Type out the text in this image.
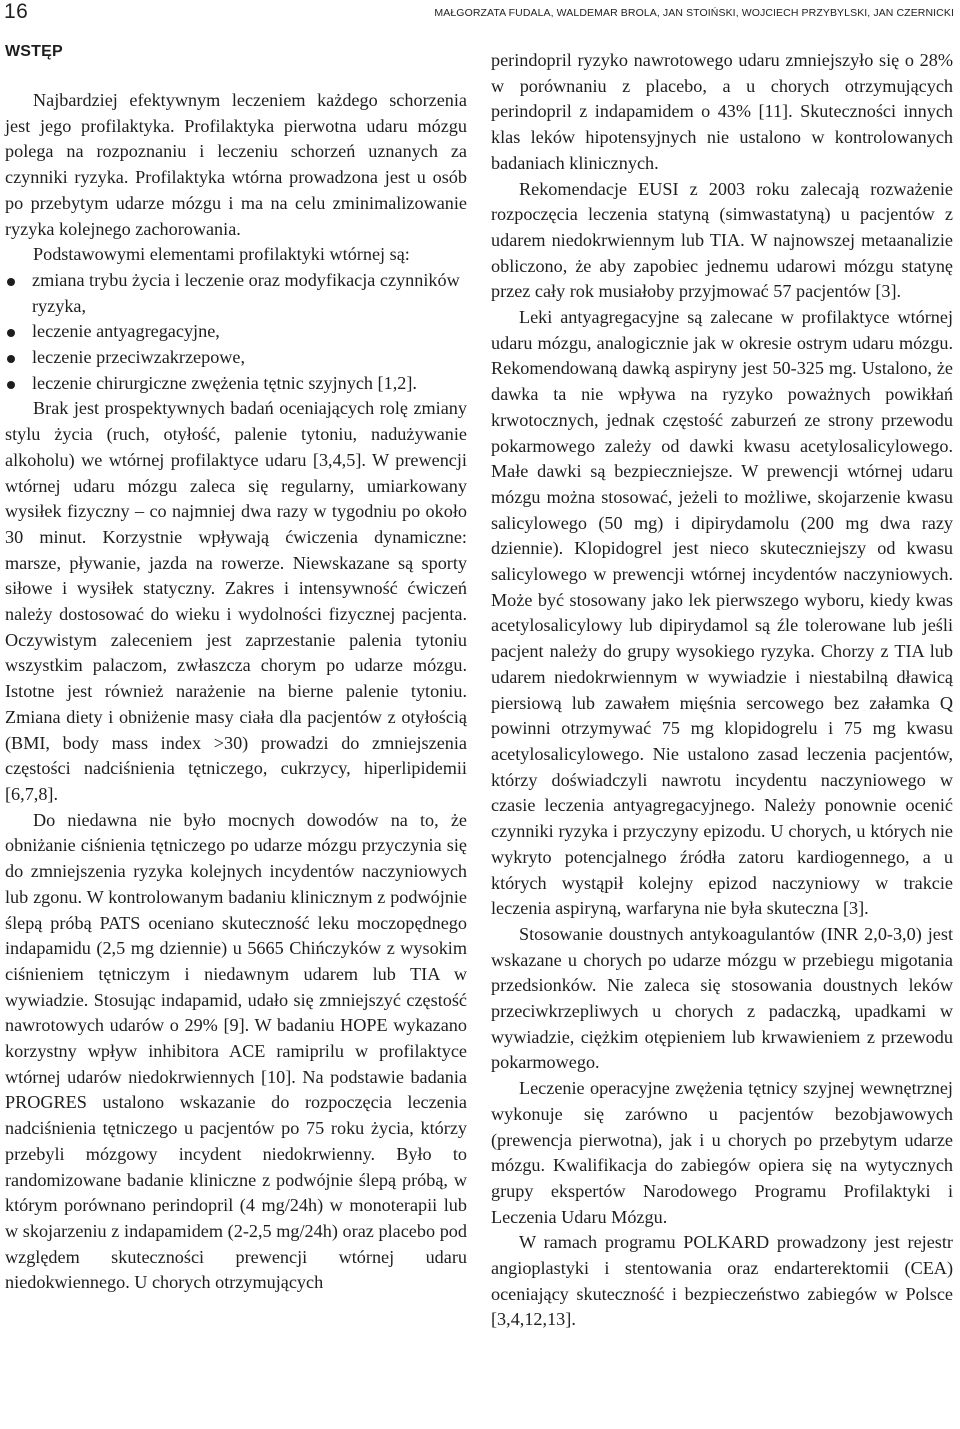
16	MAŁGORZATA FUDALA, WALDEMAR BROLA, JAN STOIŃSKI, WOJCIECH PRZYBYLSKI, JAN CZERNICKI
WSTĘP

Najbardziej efektywnym leczeniem każdego schorzenia jest jego profilaktyka. Profilaktyka pierwotna udaru mózgu polega na rozpoznaniu i leczeniu schorzeń uznanych za czynniki ryzyka. Profilaktyka wtórna prowadzona jest u osób po przebytym udarze mózgu i ma na celu zminimalizowanie ryzyka kolejnego zachorowania.

Podstawowymi elementami profilaktyki wtórnej są:

zmiana trybu życia i leczenie oraz modyfikacja czynników ryzyka,
leczenie antyagregacyjne,
leczenie przeciwzakrzepowe,
leczenie chirurgiczne zwężenia tętnic szyjnych [1,2].

Brak jest prospektywnych badań oceniających rolę zmiany stylu życia (ruch, otyłość, palenie tytoniu, nadużywanie alkoholu) we wtórnej profilaktyce udaru [3,4,5]. W prewencji wtórnej udaru mózgu zaleca się regularny, umiarkowany wysiłek fizyczny – co najmniej dwa razy w tygodniu po około 30 minut. Korzystnie wpływają ćwiczenia dynamiczne: marsze, pływanie, jazda na rowerze. Niewskazane są sporty siłowe i wysiłek statyczny. Zakres i intensywność ćwiczeń należy dostosować do wieku i wydolności fizycznej pacjenta. Oczywistym zaleceniem jest zaprzestanie palenia tytoniu wszystkim palaczom, zwłaszcza chorym po udarze mózgu. Istotne jest również narażenie na bierne palenie tytoniu. Zmiana diety i obniżenie masy ciała dla pacjentów z otyłością (BMI, body mass index >30) prowadzi do zmniejszenia częstości nadciśnienia tętniczego, cukrzycy, hiperlipidemii [6,7,8].

Do niedawna nie było mocnych dowodów na to, że obniżanie ciśnienia tętniczego po udarze mózgu przyczynia się do zmniejszenia ryzyka kolejnych incydentów naczyniowych lub zgonu. W kontrolowanym badaniu klinicznym z podwójnie ślepą próbą PATS oceniano skuteczność leku moczopędnego indapamidu (2,5 mg dziennie) u 5665 Chińczyków z wysokim ciśnieniem tętniczym i niedawnym udarem lub TIA w wywiadzie. Stosując indapamid, udało się zmniejszyć częstość nawrotowych udarów o 29% [9]. W badaniu HOPE wykazano korzystny wpływ inhibitora ACE ramiprilu w profilaktyce wtórnej udarów niedokrwiennych [10]. Na podstawie badania PROGRES ustalono wskazanie do rozpoczęcia leczenia nadciśnienia tętniczego u pacjentów po 75 roku życia, którzy przebyli mózgowy incydent niedokrwienny. Było to randomizowane badanie kliniczne z podwójnie ślepą próbą, w którym porównano perindopril (4 mg/24h) w monoterapii lub w skojarzeniu z indapamidem (2-2,5 mg/24h) oraz placebo pod względem skuteczności prewencji wtórnej udaru niedokwiennego. U chorych otrzymujących

perindopril ryzyko nawrotowego udaru zmniejszyło się o 28% w porównaniu z placebo, a u chorych otrzymujących perindopril z indapamidem o 43% [11]. Skuteczności innych klas leków hipotensyjnych nie ustalono w kontrolowanych badaniach klinicznych.

Rekomendacje EUSI z 2003 roku zalecają rozważenie rozpoczęcia leczenia statyną (simwastatyną) u pacjentów z udarem niedokrwiennym lub TIA. W najnowszej metaanalizie obliczono, że aby zapobiec jednemu udarowi mózgu statynę przez cały rok musiałoby przyjmować 57 pacjentów [3].

Leki antyagregacyjne są zalecane w profilaktyce wtórnej udaru mózgu, analogicznie jak w okresie ostrym udaru mózgu. Rekomendowaną dawką aspiryny jest 50-325 mg. Ustalono, że dawka ta nie wpływa na ryzyko poważnych powikłań krwotocznych, jednak częstość zaburzeń ze strony przewodu pokarmowego zależy od dawki kwasu acetylosalicylowego. Małe dawki są bezpieczniejsze. W prewencji wtórnej udaru mózgu można stosować, jeżeli to możliwe, skojarzenie kwasu salicylowego (50 mg) i dipirydamolu (200 mg dwa razy dziennie). Klopidogrel jest nieco skuteczniejszy od kwasu salicylowego w prewencji wtórnej incydentów naczyniowych. Może być stosowany jako lek pierwszego wyboru, kiedy kwas acetylosalicylowy lub dipirydamol są źle tolerowane lub jeśli pacjent należy do grupy wysokiego ryzyka. Chorzy z TIA lub udarem niedokrwiennym w wywiadzie i niestabilną dławicą piersiową lub zawałem mięśnia sercowego bez załamka Q powinni otrzymywać 75 mg klopidogrelu i 75 mg kwasu acetylosalicylowego. Nie ustalono zasad leczenia pacjentów, którzy doświadczyli nawrotu incydentu naczyniowego w czasie leczenia antyagregacyjnego. Należy ponownie ocenić czynniki ryzyka i przyczyny epizodu. U chorych, u których nie wykryto potencjalnego źródła zatoru kardiogennego, a u których wystąpił kolejny epizod naczyniowy w trakcie leczenia aspiryną, warfaryna nie była skuteczna [3].

Stosowanie doustnych antykoagulantów (INR 2,0-3,0) jest wskazane u chorych po udarze mózgu w przebiegu migotania przedsionków. Nie zaleca się stosowania doustnych leków przeciwkrzepliwych u chorych z padaczką, upadkami w wywiadzie, ciężkim otępieniem lub krwawieniem z przewodu pokarmowego.

Leczenie operacyjne zwężenia tętnicy szyjnej wewnętrznej wykonuje się zarówno u pacjentów bezobjawowych (prewencja pierwotna), jak i u chorych po przebytym udarze mózgu. Kwalifikacja do zabiegów opiera się na wytycznych grupy ekspertów Narodowego Programu Profilaktyki i Leczenia Udaru Mózgu.

W ramach programu POLKARD prowadzony jest rejestr angioplastyki i stentowania oraz endarterektomii (CEA) oceniający skuteczność i bezpieczeństwo zabiegów w Polsce [3,4,12,13].
